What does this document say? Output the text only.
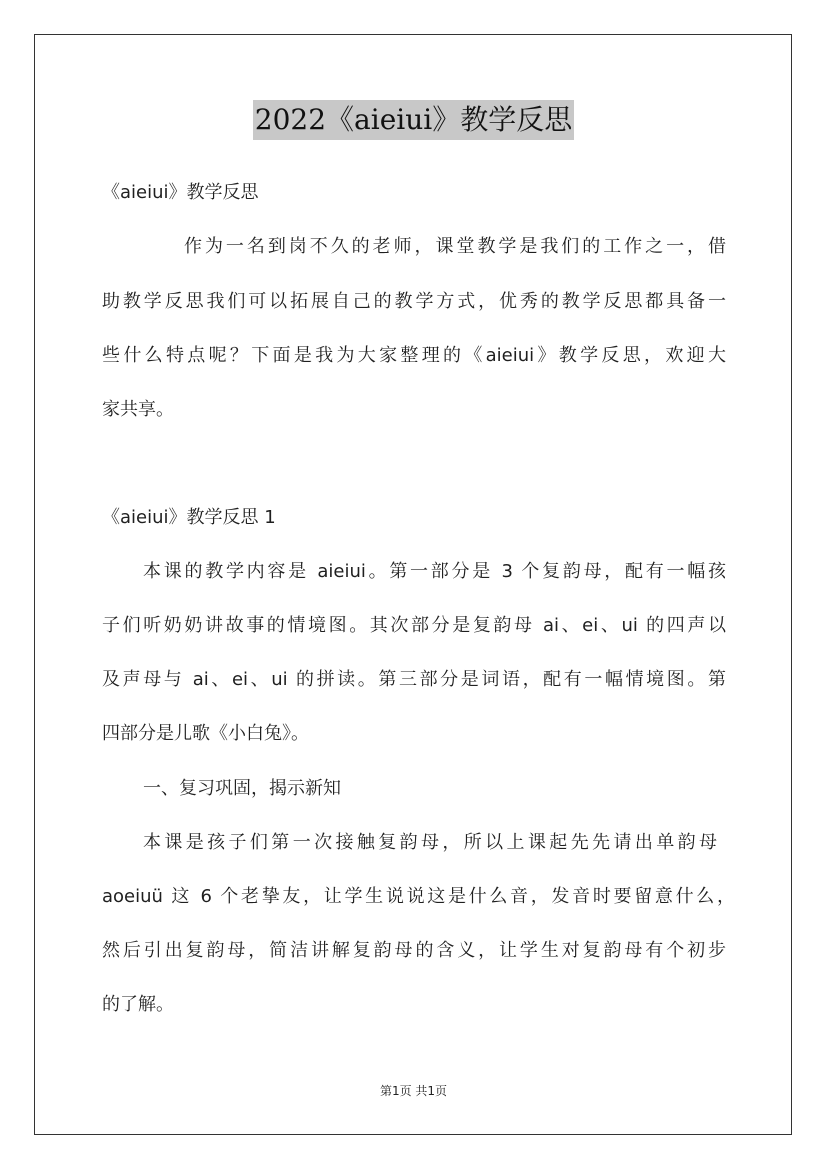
2022《aieiui》教学反思
《aieiui》教学反思
作为一名到岗不久的老师，课堂教学是我们的工作之一，借
助教学反思我们可以拓展自己的教学方式，优秀的教学反思都具备一
些什么特点呢？下面是我为大家整理的《aieiui》教学反思，欢迎大
家共享。
《aieiui》教学反思 1
本课的教学内容是 aieiui。第一部分是 3 个复韵母，配有一幅孩
子们听奶奶讲故事的情境图。其次部分是复韵母 ai、ei、ui 的四声以
及声母与 ai、ei、ui 的拼读。第三部分是词语，配有一幅情境图。第
四部分是儿歌《小白兔》。
一、复习巩固，揭示新知
本课是孩子们第一次接触复韵母，所以上课起先先请出单韵母
aoeiuü 这 6 个老挚友，让学生说说这是什么音，发音时要留意什么，
然后引出复韵母，简洁讲解复韵母的含义，让学生对复韵母有个初步
的了解。
第1页 共1页
